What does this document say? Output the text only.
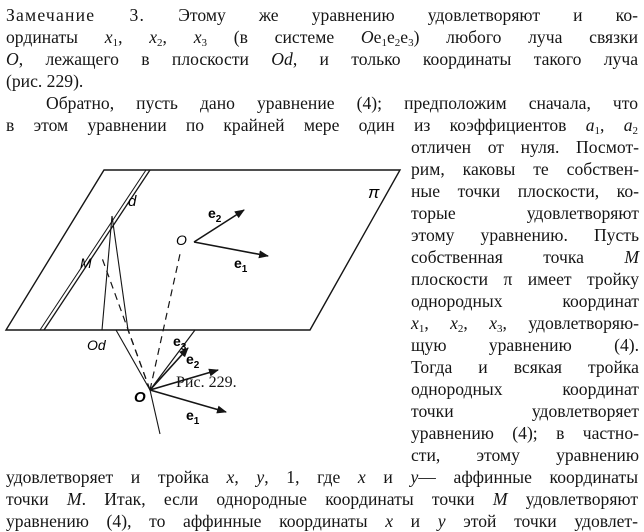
Замечание 3. Этому же уравнению удовлетворяют и ко-
ординаты $x_1$, $x_2$, $x_3$ (в системе $Oe_1e_2e_3$) любого луча связки
O, лежащего в плоскости Od, и только координаты такого луча
(рис. 229).
Обратно, пусть дано уравнение (4); предположим сначала, что
в этом уравнении по крайней мере один из коэффициентов $a_1$, $a_2$
отличен от нуля. Посмот-
рим, каковы те собствен-
ные точки плоскости, ко-
торые удовлетворяют
этому уравнению. Пусть
собственная точка M
плоскости π имеет тройку
однородных координат
$x_1$, $x_2$, $x_3$, удовлетворяю-
щую уравнению (4).
Тогда и всякая тройка
однородных координат
точки удовлетворяет
уравнению (4); в частно-
сти, этому уравнению
удовлетворяет и тройка x, y, 1, где x и y— аффинные координаты
точки M. Итак, если однородные координаты точки M удовлетворяют
уравнению (4), то аффинные координаты x и y этой точки удовлет-
π
d
M
O
Od
O
$e_2$
$e_1$
$e_3$
$e_2$
$e_1$
Рис. 229.
